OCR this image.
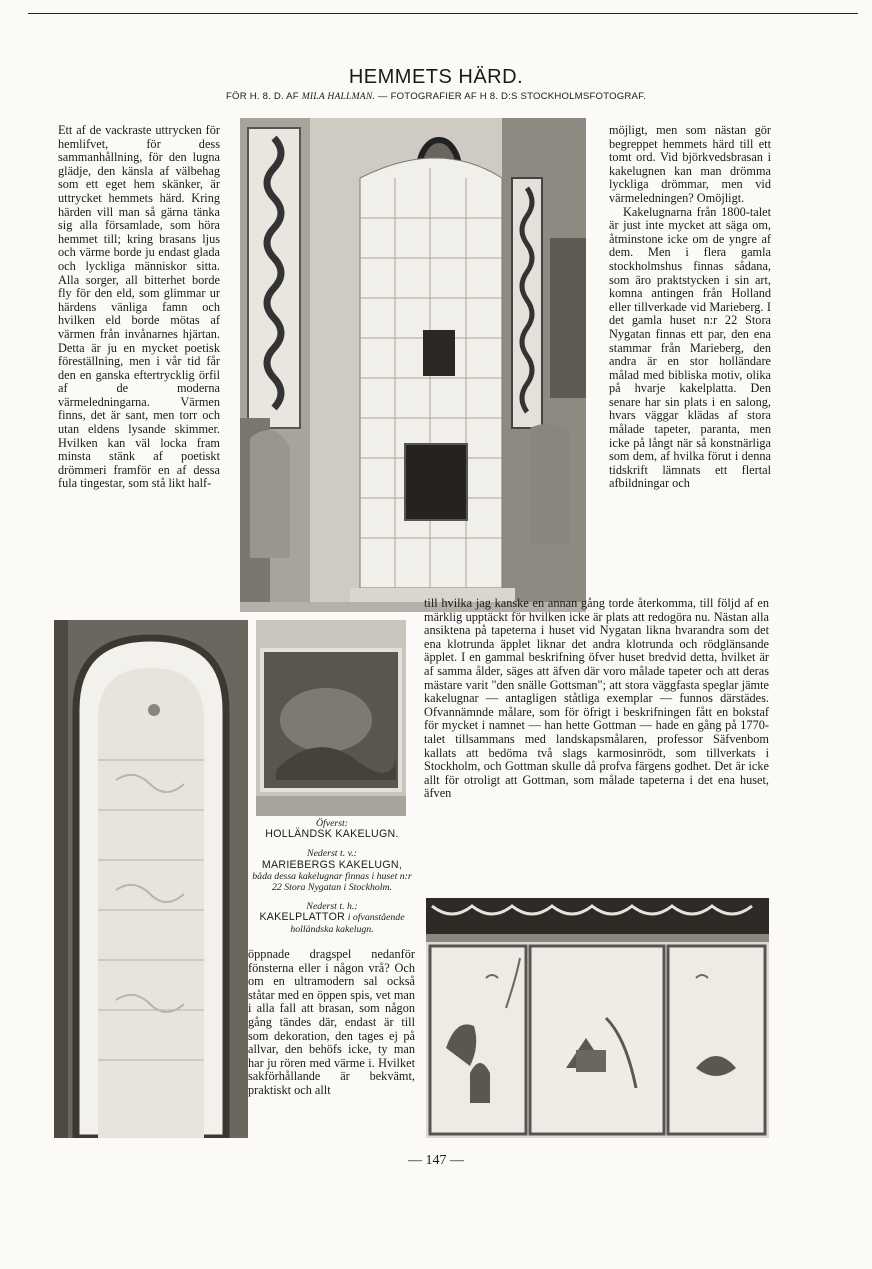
HEMMETS HÄRD.
FÖR H. 8. D. AF MILA HALLMAN. — FOTOGRAFIER AF H 8. D:S STOCKHOLMSFOTOGRAF.

Ett af de vackraste uttrycken för hemlifvet, för dess sammanhållning, för den lugna glädje, den känsla af välbehag som ett eget hem skänker, är uttrycket hemmets härd. Kring härden vill man så gärna tänka sig alla församlade, som höra hemmet till; kring brasans ljus och värme borde ju endast glada och lyckliga människor sitta. Alla sorger, all bitterhet borde fly för den eld, som glimmar ur härdens vänliga famn och hvilken eld borde mötas af värmen från invånarnes hjärtan. Detta är ju en mycket poetisk föreställning, men i vår tid får den en ganska eftertrycklig örfil af de moderna värmeledningarna. Värmen finns, det är sant, men torr och utan eldens lysande skimmer. Hvilken kan väl locka fram minsta stänk af poetiskt drömmeri framför en af dessa fula tingestar, som stå likt half-

möjligt, men som nästan gör begreppet hemmets härd till ett tomt ord. Vid björkvedsbrasan i kakelugnen kan man drömma lyckliga drömmar, men vid värmeledningen? Omöjligt.

Kakelugnarna från 1800-talet är just inte mycket att säga om, åtminstone icke om de yngre af dem. Men i flera gamla stockholmshus finnas sådana, som äro praktstycken i sin art, komna antingen från Holland eller tillverkade vid Marieberg. I det gamla huset n:r 22 Stora Nygatan finnas ett par, den ena stammar från Marieberg, den andra är en stor holländare målad med bibliska motiv, olika på hvarje kakelplatta. Den senare har sin plats i en salong, hvars väggar klädas af stora målade tapeter, paranta, men icke på långt när så konstnärliga som dem, af hvilka förut i denna tidskrift lämnats ett flertal afbildningar och

till hvilka jag kanske en annan gång torde återkomma, till följd af en märklig upptäckt för hvilken icke är plats att redogöra nu. Nästan alla ansiktena på tapeterna i huset vid Nygatan likna hvarandra som det ena klotrunda äpplet liknar det andra klotrunda och rödglänsande äpplet. I en gammal beskrifning öfver huset bredvid detta, hvilket är af samma ålder, säges att äfven där voro målade tapeter och att deras mästare varit "den snälle Gottsman"; att stora väggfasta speglar jämte kakelugnar — antagligen ståtliga exemplar — funnos därstädes. Ofvannämnde målare, som för öfrigt i beskrifningen fått en bokstaf för mycket i namnet — han hette Gottman — hade en gång på 1770-talet tillsammans med landskapsmålaren, professor Säfvenbom kallats att bedöma två slags karmosinrödt, som tillverkats i Stockholm, och Gottman skulle då profva färgens godhet. Det är icke allt för otroligt att Gottman, som målade tapeterna i det ena huset, äfven

Öfverst:
HOLLÄNDSK KAKELUGN.
Nederst t. v.:
MARIEBERGS KAKELUGN,
båda dessa kakelugnar finnas i huset n:r 22 Stora Nygatan i Stockholm.
Nederst t. h.:
KAKELPLATTOR i ofvanstående holländska kakelugn.

öppnade dragspel nedanför fönsterna eller i någon vrå? Och om en ultramodern sal också ståtar med en öppen spis, vet man i alla fall att brasan, som någon gång tändes där, endast är till som dekoration, den tages ej på allvar, den behöfs icke, ty man har ju rören med värme i. Hvilket sakförhållande är bekvämt, praktiskt och allt

— 147 —
